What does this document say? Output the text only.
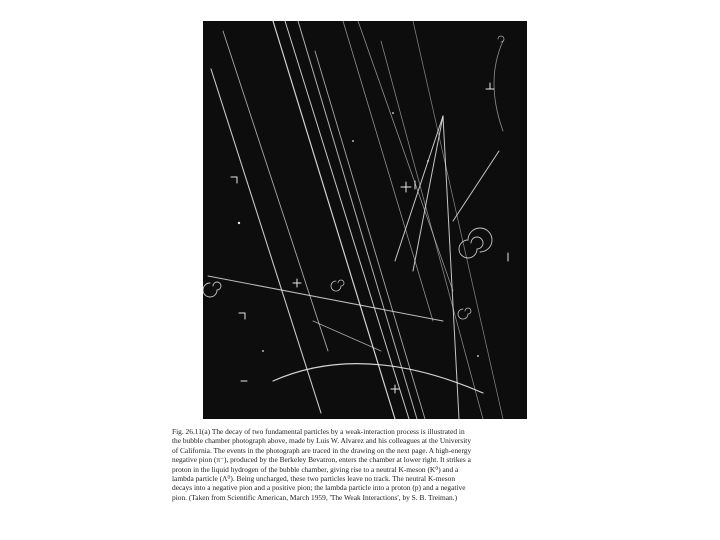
Fig. 26.11(a) The decay of two fundamental particles by a weak-interaction process is illustrated in
the bubble chamber photograph above, made by Luis W. Alvarez and his colleagues at the University
of California. The events in the photograph are traced in the drawing on the next page. A high-energy
negative pion (π⁻), produced by the Berkeley Bevatron, enters the chamber at lower right. It strikes a
proton in the liquid hydrogen of the bubble chamber, giving rise to a neutral K-meson (K⁰) and a
lambda particle (Λ⁰). Being uncharged, these two particles leave no track. The neutral K-meson
decays into a negative pion and a positive pion; the lambda particle into a proton (p) and a negative
pion. (Taken from Scientific American, March 1959, 'The Weak Interactions', by S. B. Treiman.)
